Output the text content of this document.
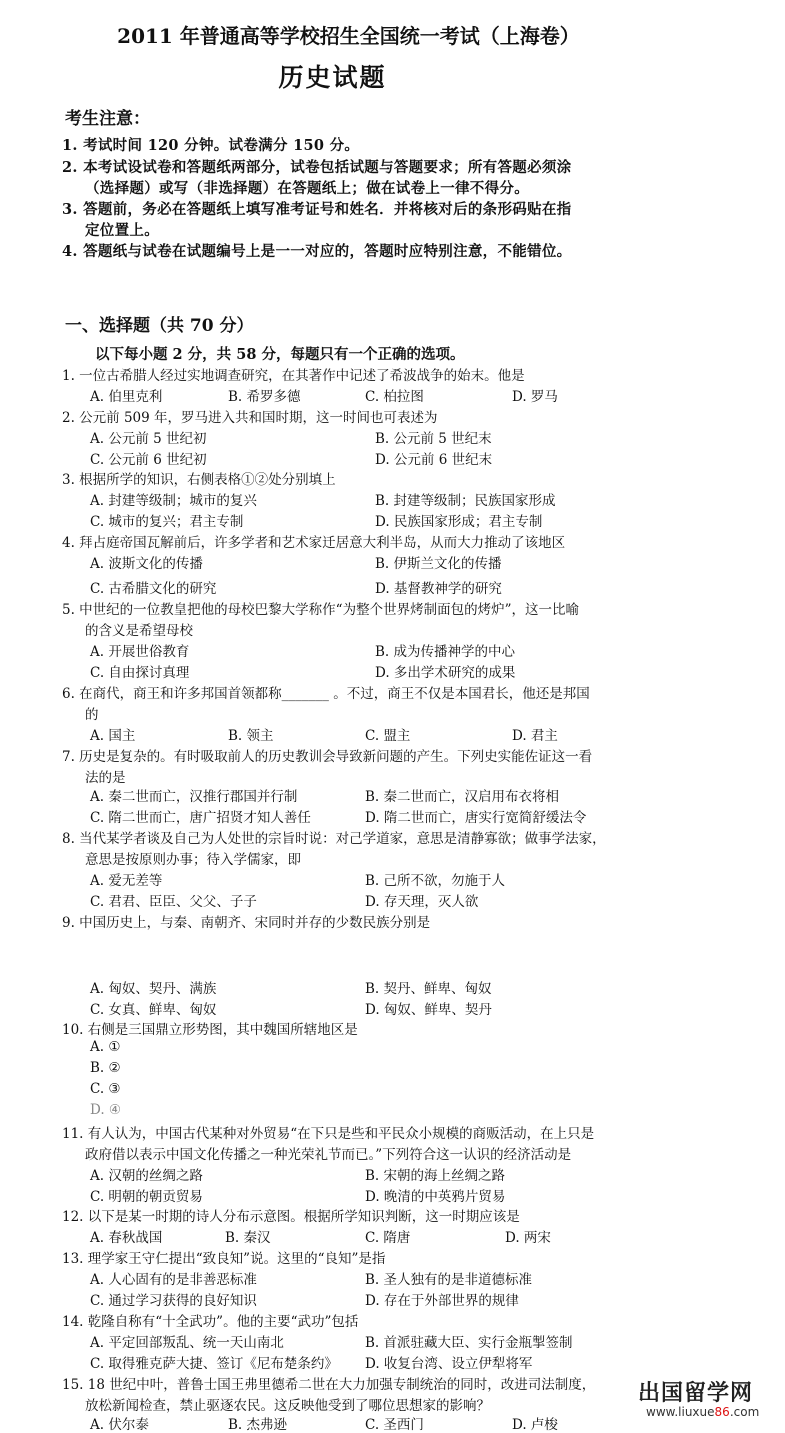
2011 年普通高等学校招生全国统一考试（上海卷）
历史试题
考生注意：
1. 考试时间 120 分钟。试卷满分 150 分。
2. 本考试设试卷和答题纸两部分，试卷包括试题与答题要求；所有答题必须涂
（选择题）或写（非选择题）在答题纸上；做在试卷上一律不得分。
3. 答题前，务必在答题纸上填写准考证号和姓名．并将核对后的条形码贴在指
定位置上。
4. 答题纸与试卷在试题编号上是一一对应的，答题时应特别注意，不能错位。
一、选择题（共 70 分）
以下每小题 2 分，共 58 分，每题只有一个正确的选项。
1. 一位古希腊人经过实地调查研究，在其著作中记述了希波战争的始末。他是
A. 伯里克利	B. 希罗多德	C. 柏拉图	D. 罗马
2. 公元前 509 年，罗马进入共和国时期，这一时间也可表述为
A. 公元前 5 世纪初	B. 公元前 5 世纪末
C. 公元前 6 世纪初	D. 公元前 6 世纪末
3. 根据所学的知识，右侧表格①②处分别填上
A. 封建等级制；城市的复兴	B. 封建等级制；民族国家形成
C. 城市的复兴；君主专制	D. 民族国家形成；君主专制
4. 拜占庭帝国瓦解前后，许多学者和艺术家迁居意大利半岛，从而大力推动了该地区
A. 波斯文化的传播	B. 伊斯兰文化的传播
C. 古希腊文化的研究	D. 基督教神学的研究
5. 中世纪的一位教皇把他的母校巴黎大学称作“为整个世界烤制面包的烤炉”，这一比喻
的含义是希望母校
A. 开展世俗教育	B. 成为传播神学的中心
C. 自由探讨真理	D. 多出学术研究的成果
6. 在商代，商王和许多邦国首领都称_______ 。不过，商王不仅是本国君长，他还是邦国
的
A. 国主	B. 领主	C. 盟主	D. 君主
7. 历史是复杂的。有时吸取前人的历史教训会导致新问题的产生。下列史实能佐证这一看
法的是
A. 秦二世而亡，汉推行郡国并行制	B. 秦二世而亡，汉启用布衣将相
C. 隋二世而亡，唐广招贤才知人善任	D. 隋二世而亡，唐实行宽简舒缓法令
8. 当代某学者谈及自己为人处世的宗旨时说：对己学道家，意思是清静寡欲；做事学法家，
意思是按原则办事；待入学儒家，即
A. 爱无差等	B. 己所不欲，勿施于人
C. 君君、臣臣、父父、子子	D. 存天理，灭人欲
9. 中国历史上，与秦、南朝齐、宋同时并存的少数民族分别是
A. 匈奴、契丹、满族	B. 契丹、鲜卑、匈奴
C. 女真、鲜卑、匈奴	D. 匈奴、鲜卑、契丹
10. 右侧是三国鼎立形势图，其中魏国所辖地区是
A. ①
B. ②
C. ③
D. ④
11. 有人认为，中国古代某种对外贸易“在下只是些和平民众小规模的商贩活动，在上只是
政府借以表示中国文化传播之一种光荣礼节而已。”下列符合这一认识的经济活动是
A. 汉朝的丝绸之路	B. 宋朝的海上丝绸之路
C. 明朝的朝贡贸易	D. 晚清的中英鸦片贸易
12. 以下是某一时期的诗人分布示意图。根据所学知识判断，这一时期应该是
A. 春秋战国	B. 秦汉	C. 隋唐	D. 两宋
13. 理学家王守仁提出“致良知”说。这里的“良知”是指
A. 人心固有的是非善恶标准	B. 圣人独有的是非道德标准
C. 通过学习获得的良好知识	D. 存在于外部世界的规律
14. 乾隆自称有“十全武功”。他的主要“武功”包括
A. 平定回部叛乱、统一天山南北	B. 首派驻藏大臣、实行金瓶掣签制
C. 取得雅克萨大捷、签订《尼布楚条约》 D. 收复台湾、设立伊犁将军
15. 18 世纪中叶，普鲁士国王弗里德希二世在大力加强专制统治的同时，改进司法制度，
放松新闻检查，禁止驱逐农民。这反映他受到了哪位思想家的影响？
A. 伏尔泰	B. 杰弗逊	C. 圣西门	D. 卢梭
出国留学网
www.liuxue86.com
